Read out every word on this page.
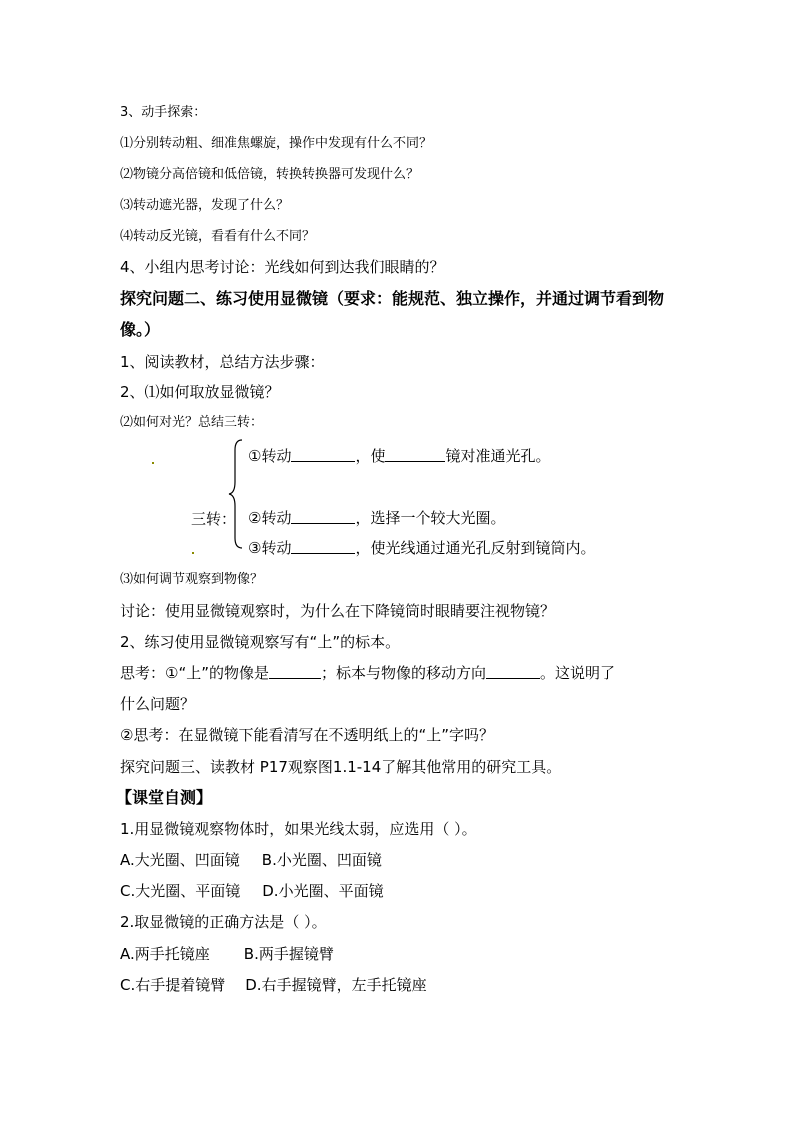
3、动手探索：
⑴分别转动粗、细准焦螺旋，操作中发现有什么不同？
⑵物镜分高倍镜和低倍镜，转换转换器可发现什么？
⑶转动遮光器，发现了什么？
⑷转动反光镜，看看有什么不同？
4、小组内思考讨论：光线如何到达我们眼睛的？
探究问题二、练习使用显微镜（要求：能规范、独立操作，并通过调节看到物
像。）
1、阅读教材，总结方法步骤：
2、⑴如何取放显微镜？
⑵如何对光？总结三转：
三转：
①转动	，使	镜对准通光孔。
②转动	，选择一个较大光圈。
③转动	，使光线通过通光孔反射到镜筒内。
⑶如何调节观察到物像？
讨论：使用显微镜观察时，为什么在下降镜筒时眼睛要注视物镜？
2、练习使用显微镜观察写有“上”的标本。
思考：①“上”的物像是	；标本与物像的移动方向	。这说明了
什么问题？
②思考：在显微镜下能看清写在不透明纸上的“上”字吗？
探究问题三、读教材 P17观察图1.1-14了解其他常用的研究工具。
【课堂自测】
1.用显微镜观察物体时，如果光线太弱，应选用（ ）。
A.大光圈、凹面镜 B.小光圈、凹面镜
C.大光圈、平面镜 D.小光圈、平面镜
2.取显微镜的正确方法是（ ）。
A.两手托镜座 B.两手握镜臂
C.右手提着镜臂 D.右手握镜臂，左手托镜座
